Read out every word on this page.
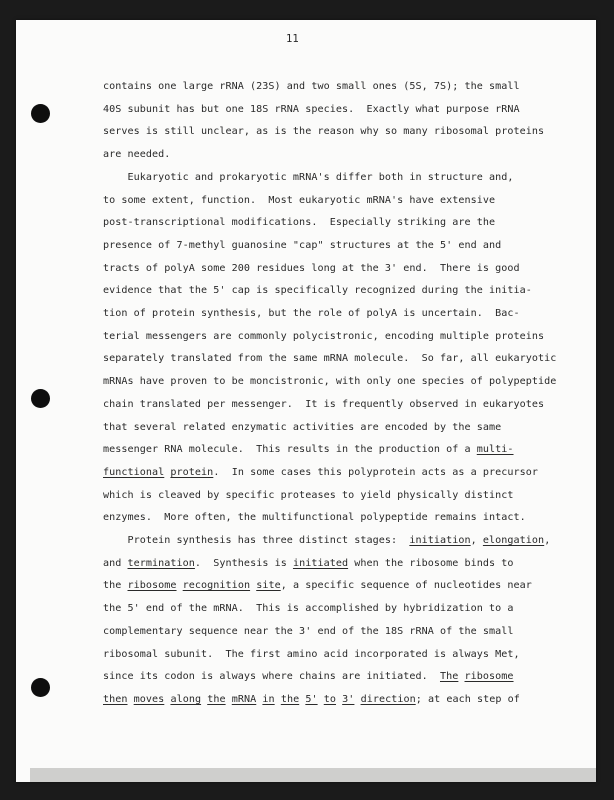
11
contains one large rRNA (23S) and two small ones (5S, 7S); the small
40S subunit has but one 18S rRNA species.  Exactly what purpose rRNA
serves is still unclear, as is the reason why so many ribosomal proteins
are needed.
Eukaryotic and prokaryotic mRNA's differ both in structure and,
to some extent, function.  Most eukaryotic mRNA's have extensive
post-transcriptional modifications.  Especially striking are the
presence of 7-methyl guanosine "cap" structures at the 5' end and
tracts of polyA some 200 residues long at the 3' end.  There is good
evidence that the 5' cap is specifically recognized during the initia-
tion of protein synthesis, but the role of polyA is uncertain.  Bac-
terial messengers are commonly polycistronic, encoding multiple proteins
separately translated from the same mRNA molecule.  So far, all eukaryotic
mRNAs have proven to be moncistronic, with only one species of polypeptide
chain translated per messenger.  It is frequently observed in eukaryotes
that several related enzymatic activities are encoded by the same
messenger RNA molecule.  This results in the production of a multi-
functional protein.  In some cases this polyprotein acts as a precursor
which is cleaved by specific proteases to yield physically distinct
enzymes.  More often, the multifunctional polypeptide remains intact.
Protein synthesis has three distinct stages:  initiation, elongation,
and termination.  Synthesis is initiated when the ribosome binds to
the ribosome recognition site, a specific sequence of nucleotides near
the 5' end of the mRNA.  This is accomplished by hybridization to a
complementary sequence near the 3' end of the 18S rRNA of the small
ribosomal subunit.  The first amino acid incorporated is always Met,
since its codon is always where chains are initiated.  The ribosome
then moves along the mRNA in the 5' to 3' direction; at each step of
